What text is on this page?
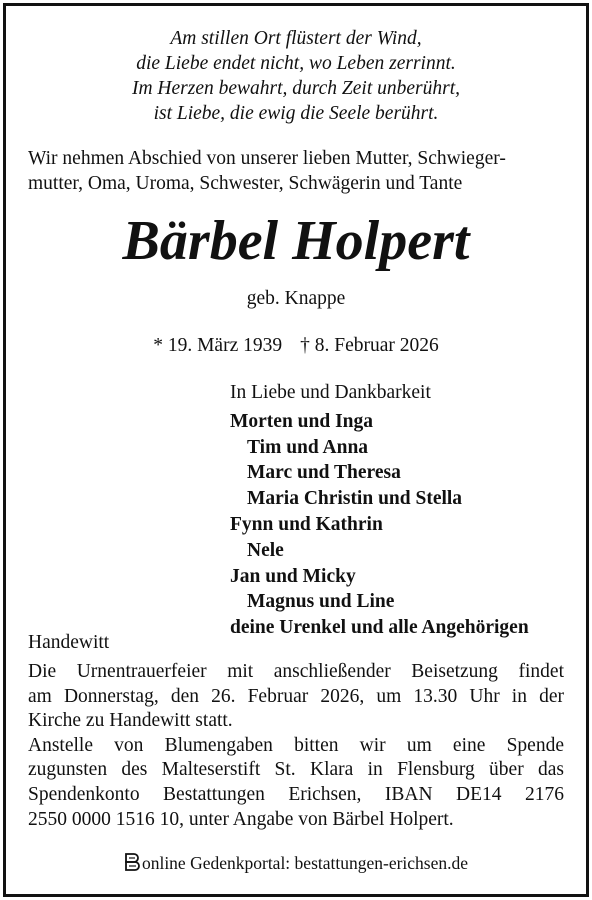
Am stillen Ort flüstert der Wind,
die Liebe endet nicht, wo Leben zerrinnt.
Im Herzen bewahrt, durch Zeit unberührt,
ist Liebe, die ewig die Seele berührt.
Wir nehmen Abschied von unserer lieben Mutter, Schwieger-
mutter, Oma, Uroma, Schwester, Schwägerin und Tante
Bärbel Holpert
geb. Knappe
* 19. März 1939 † 8. Februar 2026
In Liebe und Dankbarkeit
Morten und Inga
Tim und Anna
Marc und Theresa
Maria Christin und Stella
Fynn und Kathrin
Nele
Jan und Micky
Magnus und Line
deine Urenkel und alle Angehörigen
Handewitt
Die Urnentrauerfeier mit anschließender Beisetzung findet
am Donnerstag, den 26. Februar 2026, um 13.30 Uhr in der
Kirche zu Handewitt statt.
Anstelle von Blumengaben bitten wir um eine Spende
zugunsten des Malteserstift St. Klara in Flensburg über das
Spendenkonto Bestattungen Erichsen, IBAN DE14 2176
2550 0000 1516 10, unter Angabe von Bärbel Holpert.
online Gedenkportal: bestattungen-erichsen.de
